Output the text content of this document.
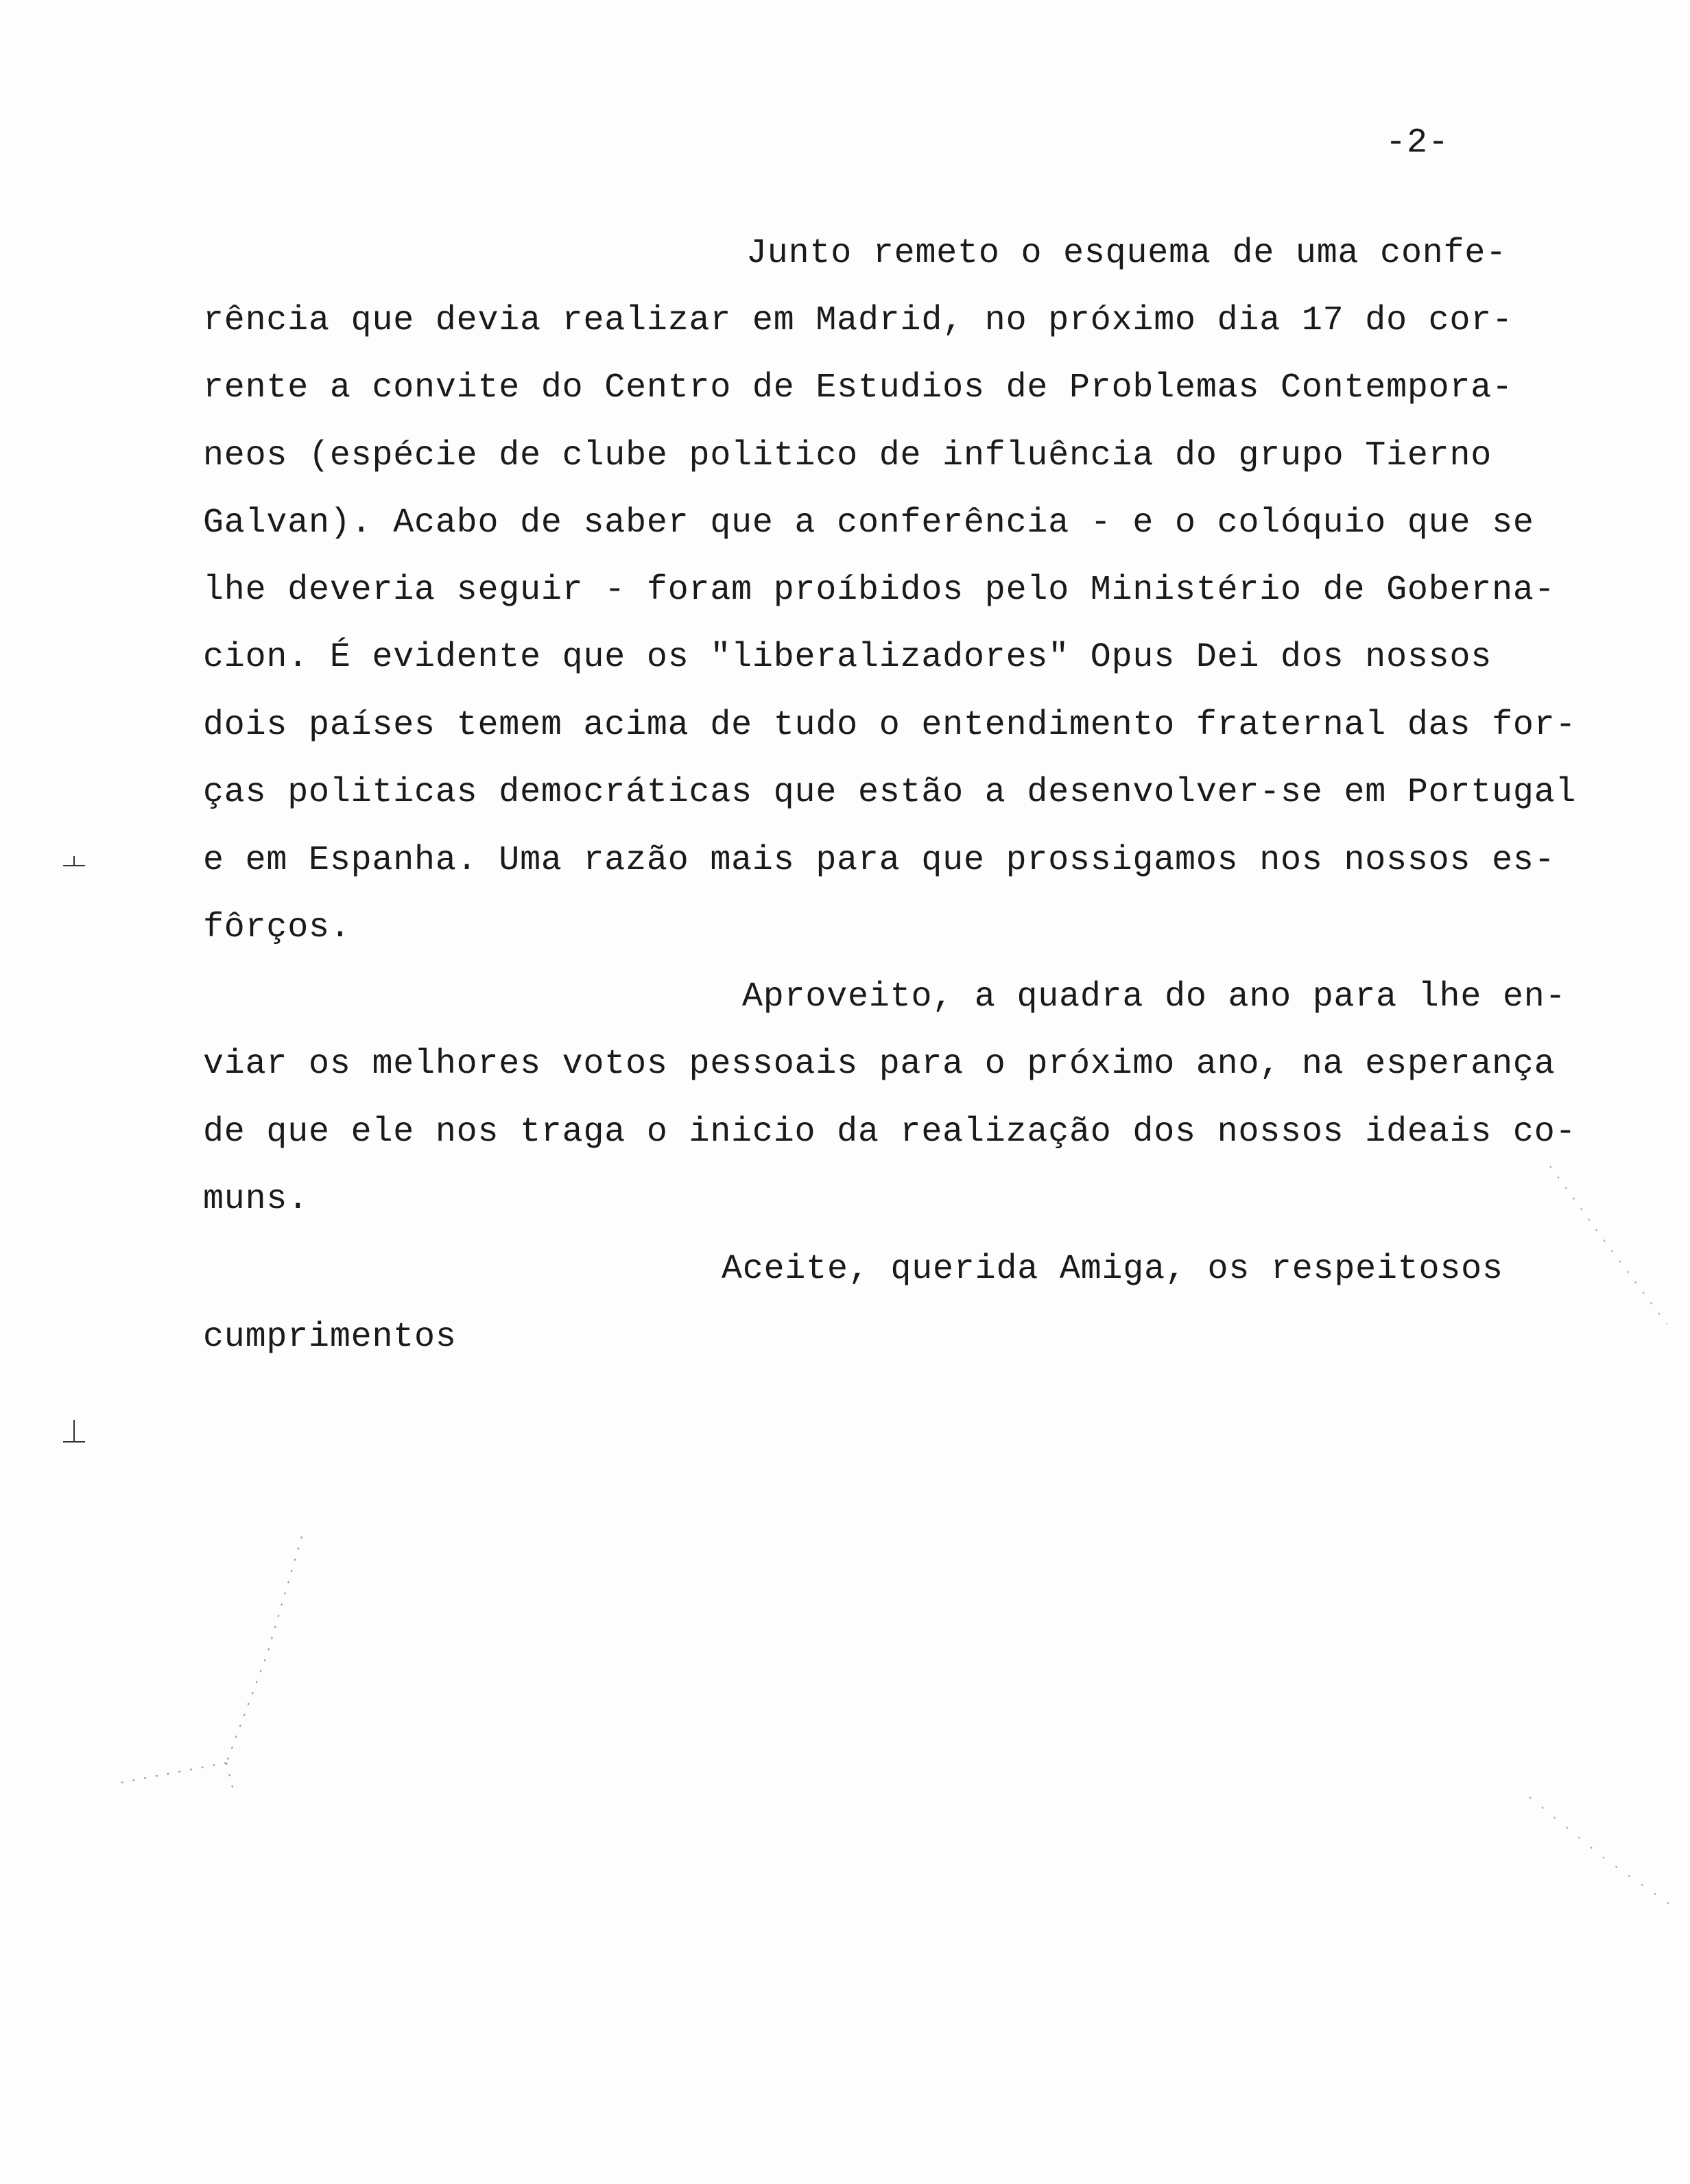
-2-
Junto remeto o esquema de uma confe-
rência que devia realizar em Madrid, no próximo dia 17 do cor-
rente a convite do Centro de Estudios de Problemas Contempora-
neos (espécie de clube politico de influência do grupo Tierno
Galvan). Acabo de saber que a conferência - e o colóquio que se
lhe deveria seguir - foram proíbidos pelo Ministério de Goberna-
cion. É evidente que os "liberalizadores" Opus Dei dos nossos
dois países temem acima de tudo o entendimento fraternal das for-
ças politicas democráticas que estão a desenvolver-se em Portugal
e em Espanha. Uma razão mais para que prossigamos nos nossos es-
fôrços.
Aproveito, a quadra do ano para lhe en-
viar os melhores votos pessoais para o próximo ano, na esperança
de que ele nos traga o inicio da realização dos nossos ideais co-
muns.
Aceite, querida Amiga, os respeitosos
cumprimentos
